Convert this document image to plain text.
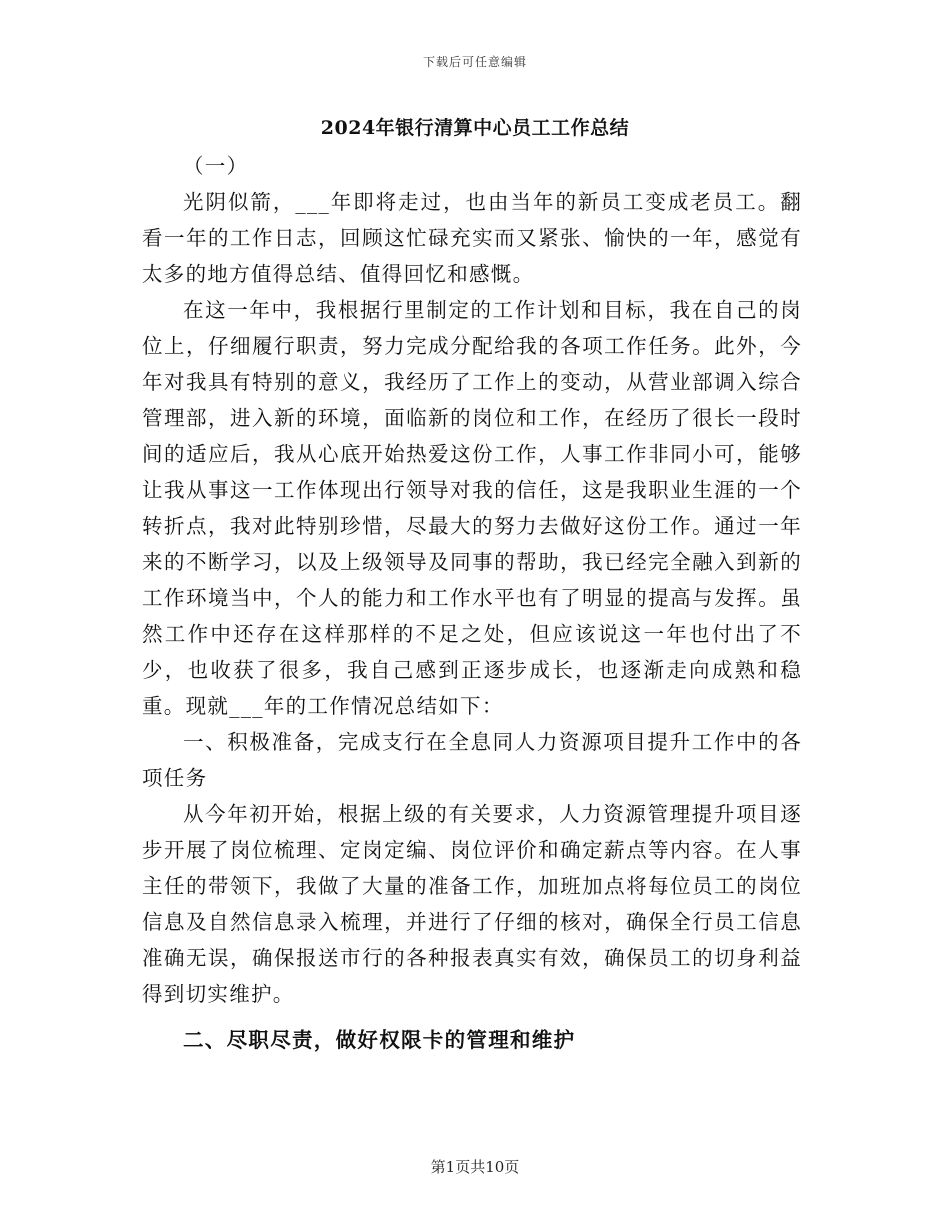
下载后可任意编辑
2024年银行清算中心员工工作总结

（一）

光阴似箭，___年即将走过，也由当年的新员工变成老员工。翻看一年的工作日志，回顾这忙碌充实而又紧张、愉快的一年，感觉有太多的地方值得总结、值得回忆和感慨。

在这一年中，我根据行里制定的工作计划和目标，我在自己的岗位上，仔细履行职责，努力完成分配给我的各项工作任务。此外，今年对我具有特别的意义，我经历了工作上的变动，从营业部调入综合管理部，进入新的环境，面临新的岗位和工作，在经历了很长一段时间的适应后，我从心底开始热爱这份工作，人事工作非同小可，能够让我从事这一工作体现出行领导对我的信任，这是我职业生涯的一个转折点，我对此特别珍惜，尽最大的努力去做好这份工作。通过一年来的不断学习，以及上级领导及同事的帮助，我已经完全融入到新的工作环境当中，个人的能力和工作水平也有了明显的提高与发挥。虽然工作中还存在这样那样的不足之处，但应该说这一年也付出了不少，也收获了很多，我自己感到正逐步成长，也逐渐走向成熟和稳重。现就___年的工作情况总结如下：

一、积极准备，完成支行在全息同人力资源项目提升工作中的各项任务

从今年初开始，根据上级的有关要求，人力资源管理提升项目逐步开展了岗位梳理、定岗定编、岗位评价和确定薪点等内容。在人事主任的带领下，我做了大量的准备工作，加班加点将每位员工的岗位信息及自然信息录入梳理，并进行了仔细的核对，确保全行员工信息准确无误，确保报送市行的各种报表真实有效，确保员工的切身利益得到切实维护。

二、尽职尽责，做好权限卡的管理和维护

第1页共10页
